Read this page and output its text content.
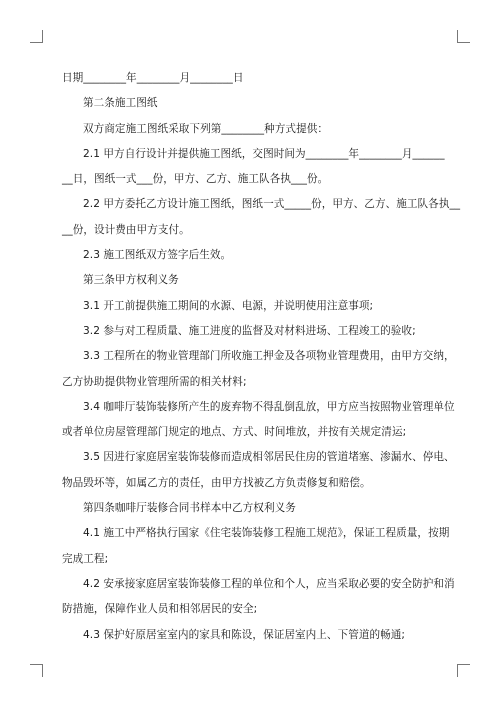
日期________年________月________日
第二条施工图纸
双方商定施工图纸采取下列第________种方式提供：
2.1 甲方自行设计并提供施工图纸，交图时间为________年________月______
__日，图纸一式___份，甲方、乙方、施工队各执___份。
2.2 甲方委托乙方设计施工图纸，图纸一式_____份，甲方、乙方、施工队各执__
__份，设计费由甲方支付。
2.3 施工图纸双方签字后生效。
第三条甲方权利义务
3.1 开工前提供施工期间的水源、电源，并说明使用注意事项;
3.2 参与对工程质量、施工进度的监督及对材料进场、工程竣工的验收;
3.3 工程所在的物业管理部门所收施工押金及各项物业管理费用，由甲方交纳，
乙方协助提供物业管理所需的相关材料;
3.4 咖啡厅装饰装修所产生的废弃物不得乱倒乱放，甲方应当按照物业管理单位
或者单位房屋管理部门规定的地点、方式、时间堆放，并按有关规定清运;
3.5 因进行家庭居室装饰装修而造成相邻居民住房的管道堵塞、渗漏水、停电、
物品毁坏等，如属乙方的责任，由甲方找被乙方负责修复和赔偿。
第四条咖啡厅装修合同书样本中乙方权利义务
4.1 施工中严格执行国家《住宅装饰装修工程施工规范》，保证工程质量，按期
完成工程;
4.2 安承接家庭居室装饰装修工程的单位和个人，应当采取必要的安全防护和消
防措施，保障作业人员和相邻居民的安全;
4.3 保护好原居室室内的家具和陈设，保证居室内上、下管道的畅通;
